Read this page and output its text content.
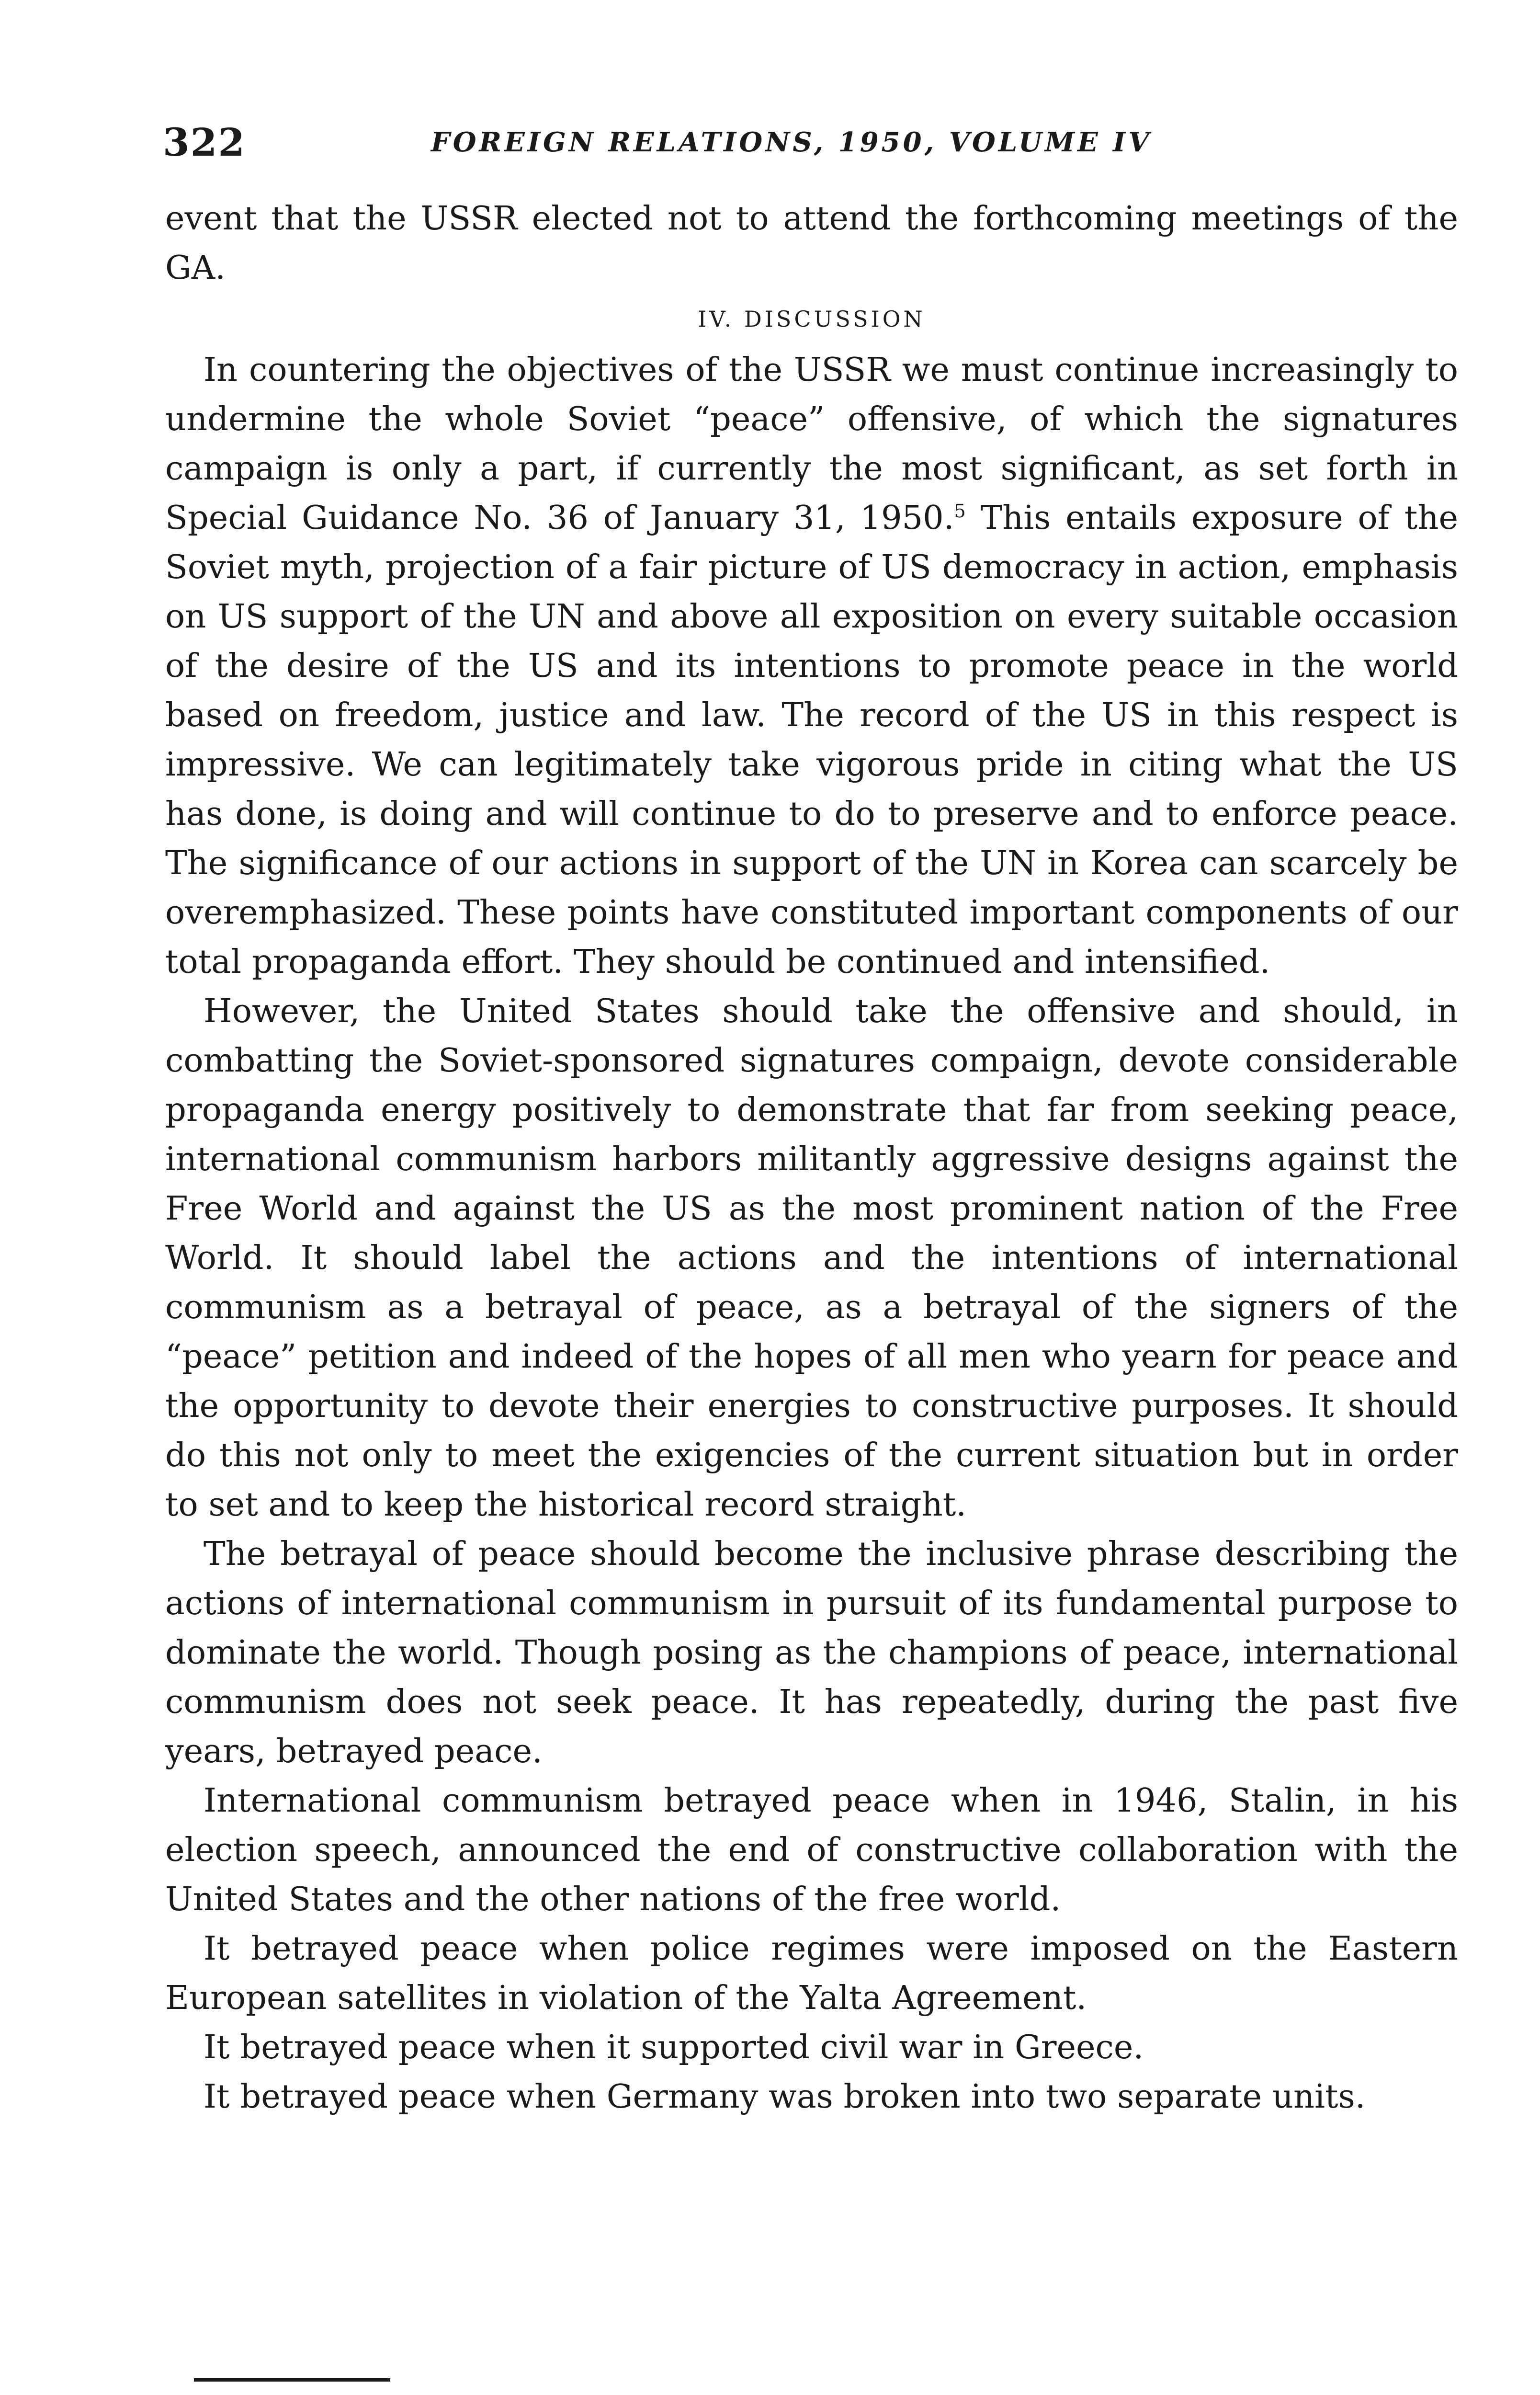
322	FOREIGN RELATIONS, 1950, VOLUME IV

event that the USSR elected not to attend the forthcoming meetings of the GA.

IV. DISCUSSION

In countering the objectives of the USSR we must continue increasingly to undermine the whole Soviet “peace” offensive, of which the signatures campaign is only a part, if currently the most significant, as set forth in Special Guidance No. 36 of January 31, 1950.$^5$ This entails exposure of the Soviet myth, projection of a fair picture of US democracy in action, emphasis on US support of the UN and above all exposition on every suitable occasion of the desire of the US and its intentions to promote peace in the world based on freedom, justice and law. The record of the US in this respect is impressive. We can legitimately take vigorous pride in citing what the US has done, is doing and will continue to do to preserve and to enforce peace. The significance of our actions in support of the UN in Korea can scarcely be overemphasized. These points have constituted important components of our total propaganda effort. They should be continued and intensified.

However, the United States should take the offensive and should, in combatting the Soviet-sponsored signatures compaign, devote considerable propaganda energy positively to demonstrate that far from seeking peace, international communism harbors militantly aggressive designs against the Free World and against the US as the most prominent nation of the Free World. It should label the actions and the intentions of international communism as a betrayal of peace, as a betrayal of the signers of the “peace” petition and indeed of the hopes of all men who yearn for peace and the opportunity to devote their energies to constructive purposes. It should do this not only to meet the exigencies of the current situation but in order to set and to keep the historical record straight.

The betrayal of peace should become the inclusive phrase describing the actions of international communism in pursuit of its fundamental purpose to dominate the world. Though posing as the champions of peace, international communism does not seek peace. It has repeatedly, during the past five years, betrayed peace.

International communism betrayed peace when in 1946, Stalin, in his election speech, announced the end of constructive collaboration with the United States and the other nations of the free world.

It betrayed peace when police regimes were imposed on the Eastern European satellites in violation of the Yalta Agreement.

It betrayed peace when it supported civil war in Greece.

It betrayed peace when Germany was broken into two separate units.
